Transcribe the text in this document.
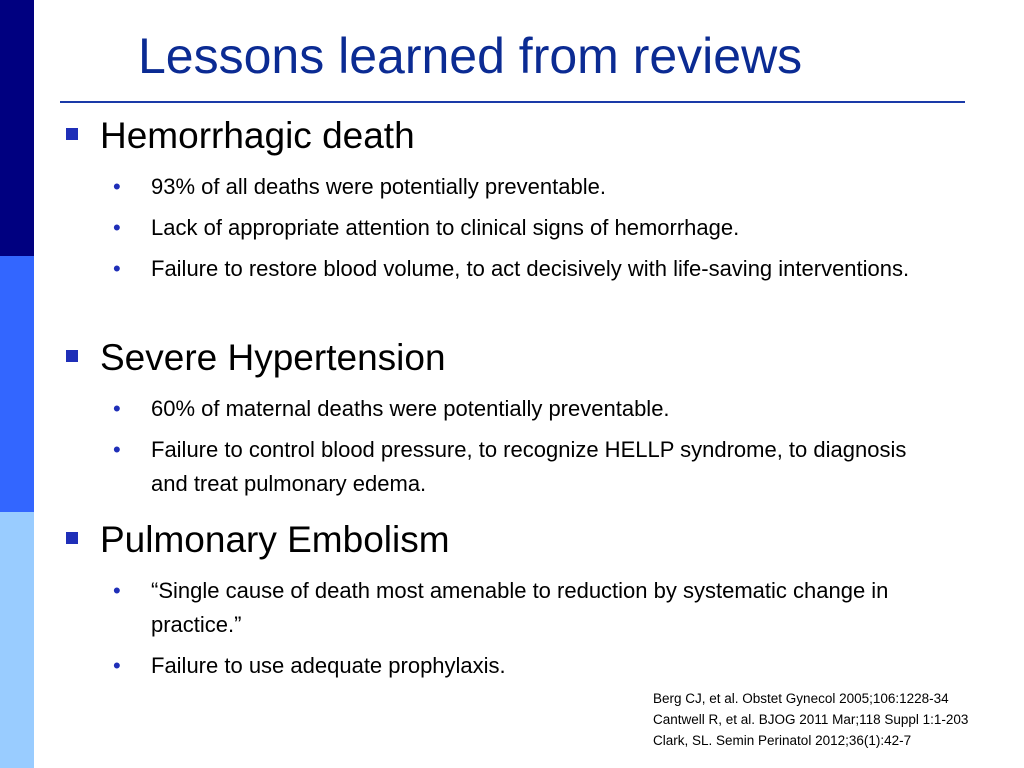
Lessons learned from reviews
Hemorrhagic death
• 93% of all deaths were potentially preventable.
• Lack of appropriate attention to clinical signs of hemorrhage.
• Failure to restore blood volume, to act decisively with life-saving interventions.
Severe Hypertension
• 60% of maternal deaths were potentially preventable.
• Failure to control blood pressure, to recognize HELLP syndrome, to diagnosis and treat pulmonary edema.
Pulmonary Embolism
• “Single cause of death most amenable to reduction by systematic change in practice.”
• Failure to use adequate prophylaxis.
Berg CJ, et al. Obstet Gynecol 2005;106:1228-34
Cantwell R, et al. BJOG 2011 Mar;118 Suppl 1:1-203
Clark, SL. Semin Perinatol 2012;36(1):42-7
